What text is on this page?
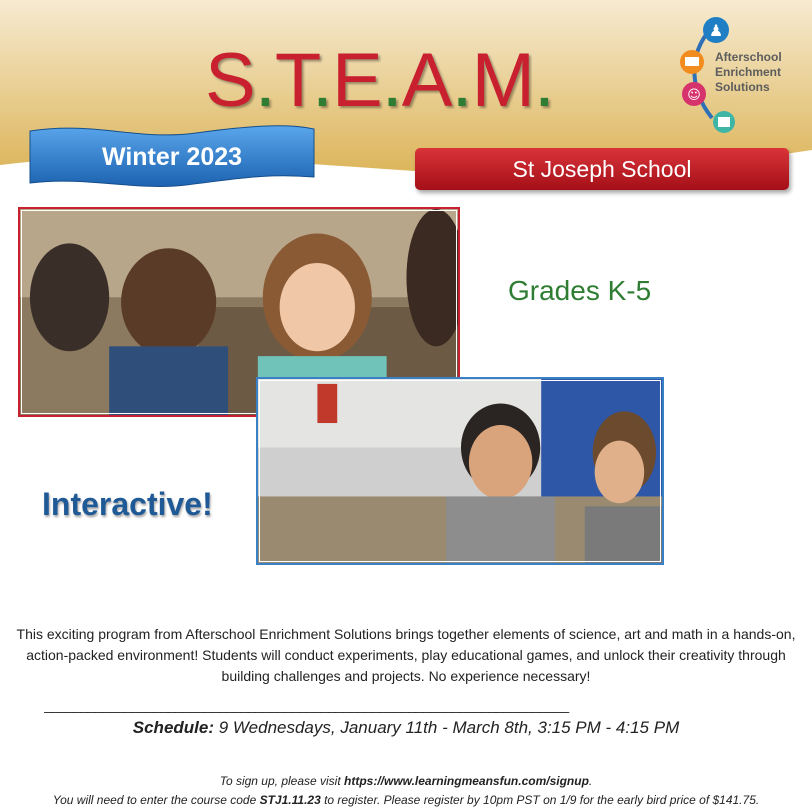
S.T.E.A.M.
Winter 2023	St Joseph School
♟
☺
Afterschool
Enrichment
Solutions
Grades K-5
Interactive!
This exciting program from Afterschool Enrichment Solutions brings together elements of science, art and math in a hands-on,
action-packed environment! Students will conduct experiments, play educational games, and unlock their creativity through
building challenges and projects. No experience necessary!
________________________________________________________________________
Schedule: 9 Wednesdays, January 11th - March 8th, 3:15 PM - 4:15 PM
To sign up, please visit https://www.learningmeansfun.com/signup.
You will need to enter the course code STJ1.11.23 to register. Please register by 10pm PST on 1/9 for the early bird price of $141.75.
